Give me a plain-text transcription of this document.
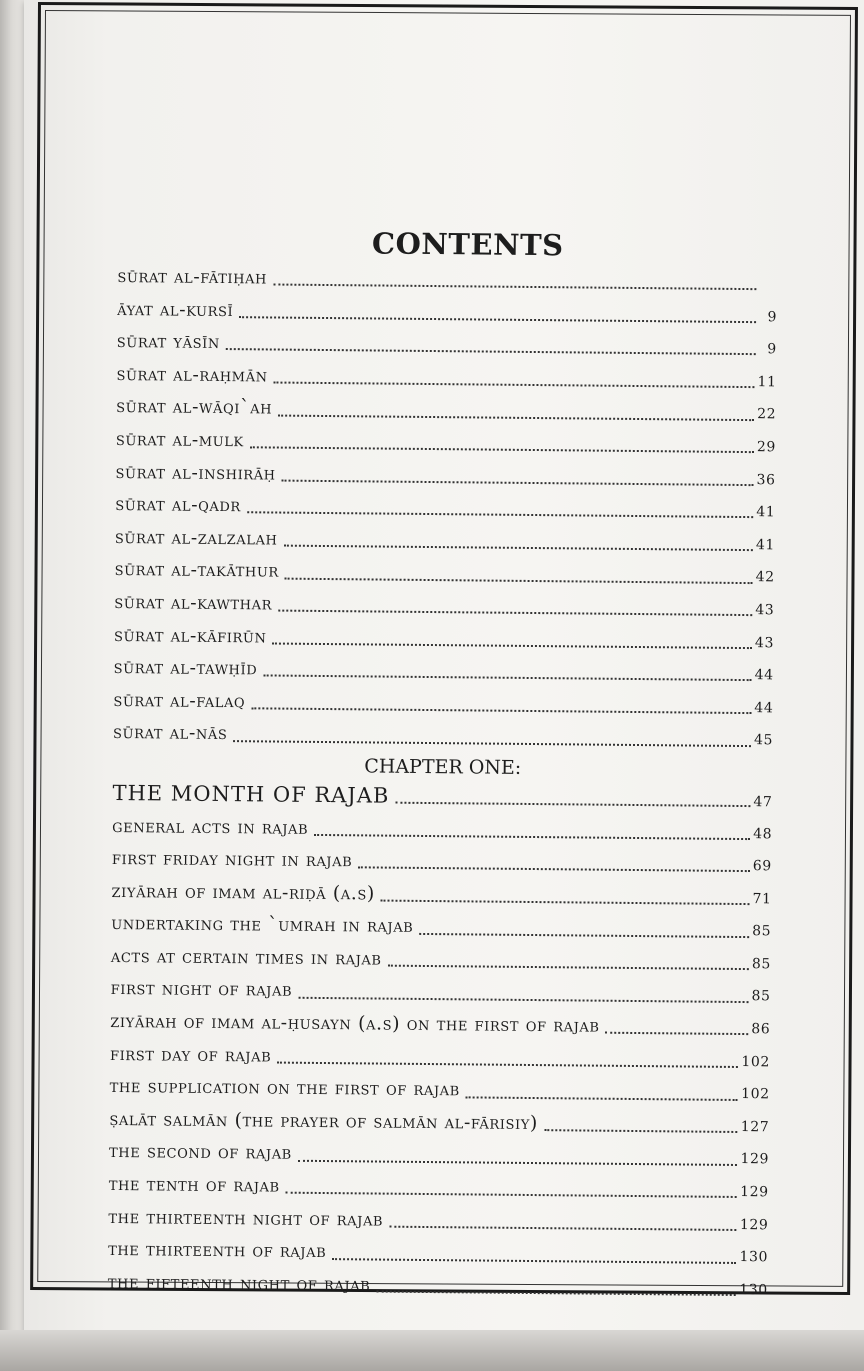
CONTENTS
sūrat al-fātiḥah
āyat al-kursī	9
sūrat yāsīn	9
sūrat al-raḥmān	11
sūrat al-wāqi`ah	22
sūrat al-mulk	29
sūrat al-inshirāḥ	36
sūrat al-qadr	41
sūrat al-zalzalah	41
sūrat al-takāthur	42
sūrat al-kawthar	43
sūrat al-kāfirūn	43
sūrat al-tawḥīd	44
sūrat al-falaq	44
sūrat al-nās	45
CHAPTER ONE:
THE MONTH OF RAJAB	47
general acts in rajab	48
first friday night in rajab	69
ziyārah of imam al-riḍā (a.s)	71
undertaking the `umrah in rajab	85
acts at certain times in rajab	85
first night of rajab	85
ziyārah of imam al-ḥusayn (a.s) on the first of rajab	86
first day of rajab	102
the supplication on the first of rajab	102
ṣalāt salmān (the prayer of salmān al-fārisiy)	127
the second of rajab	129
the tenth of rajab	129
the thirteenth night of rajab	129
the thirteenth of rajab	130
the fifteenth night of rajab	130
